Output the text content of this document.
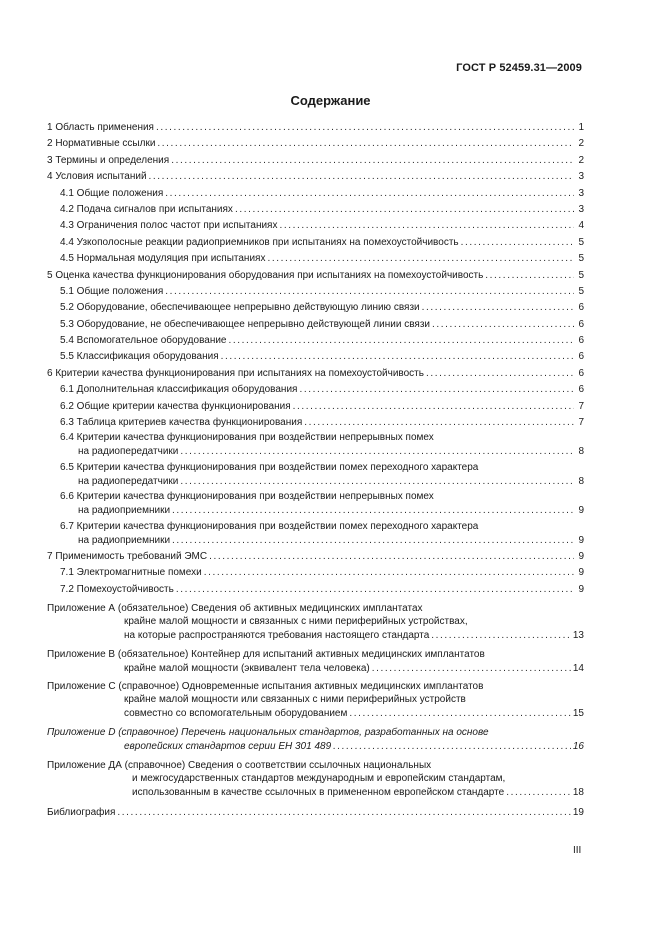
ГОСТ Р 52459.31—2009
Содержание
1 Область применения .....	1
2 Нормативные ссылки .....	2
3 Термины и определения .....	2
4 Условия испытаний .....	3
4.1 Общие положения .....	3
4.2 Подача сигналов при испытаниях .....	3
4.3 Ограничения полос частот при испытаниях .....	4
4.4 Узкополосные реакции радиоприемников при испытаниях на помехоустойчивость .....	5
4.5 Нормальная модуляция при испытаниях .....	5
5 Оценка качества функционирования оборудования при испытаниях на помехоустойчивость .....	5
5.1 Общие положения .....	5
5.2 Оборудование, обеспечивающее непрерывно действующую линию связи .....	6
5.3 Оборудование, не обеспечивающее непрерывно действующей линии связи .....	6
5.4 Вспомогательное оборудование .....	6
5.5 Классификация оборудования .....	6
6 Критерии качества функционирования при испытаниях на помехоустойчивость .....	6
6.1 Дополнительная классификация оборудования .....	6
6.2 Общие критерии качества функционирования .....	7
6.3 Таблица критериев качества функционирования .....	7
6.4 Критерии качества функционирования при воздействии непрерывных помех
на радиопередатчики .....	8
6.5 Критерии качества функционирования при воздействии помех переходного характера
на радиопередатчики .....	8
6.6 Критерии качества функционирования при воздействии непрерывных помех
на радиоприемники .....	9
6.7 Критерии качества функционирования при воздействии помех переходного характера
на радиоприемники .....	9
7 Применимость требований ЭМС .....	9
7.1 Электромагнитные помехи .....	9
7.2 Помехоустойчивость .....	9
Приложение А (обязательное) Сведения об активных медицинских имплантатах
крайне малой мощности и связанных с ними периферийных устройствах,
на которые распространяются требования настоящего стандарта .....	13
Приложение В (обязательное) Контейнер для испытаний активных медицинских имплантатов
крайне малой мощности (эквивалент тела человека) .....	14
Приложение С (справочное) Одновременные испытания активных медицинских имплантатов
крайне малой мощности или связанных с ними периферийных устройств
совместно со вспомогательным оборудованием .....	15
Приложение D (справочное) Перечень национальных стандартов, разработанных на основе
европейских стандартов серии ЕН 301 489 .....	16
Приложение ДА (справочное) Сведения о соответствии ссылочных национальных
и межгосударственных стандартов международным и европейским стандартам,
использованным в качестве ссылочных в примененном европейском стандарте .....	18
Библиография .....	19
III
